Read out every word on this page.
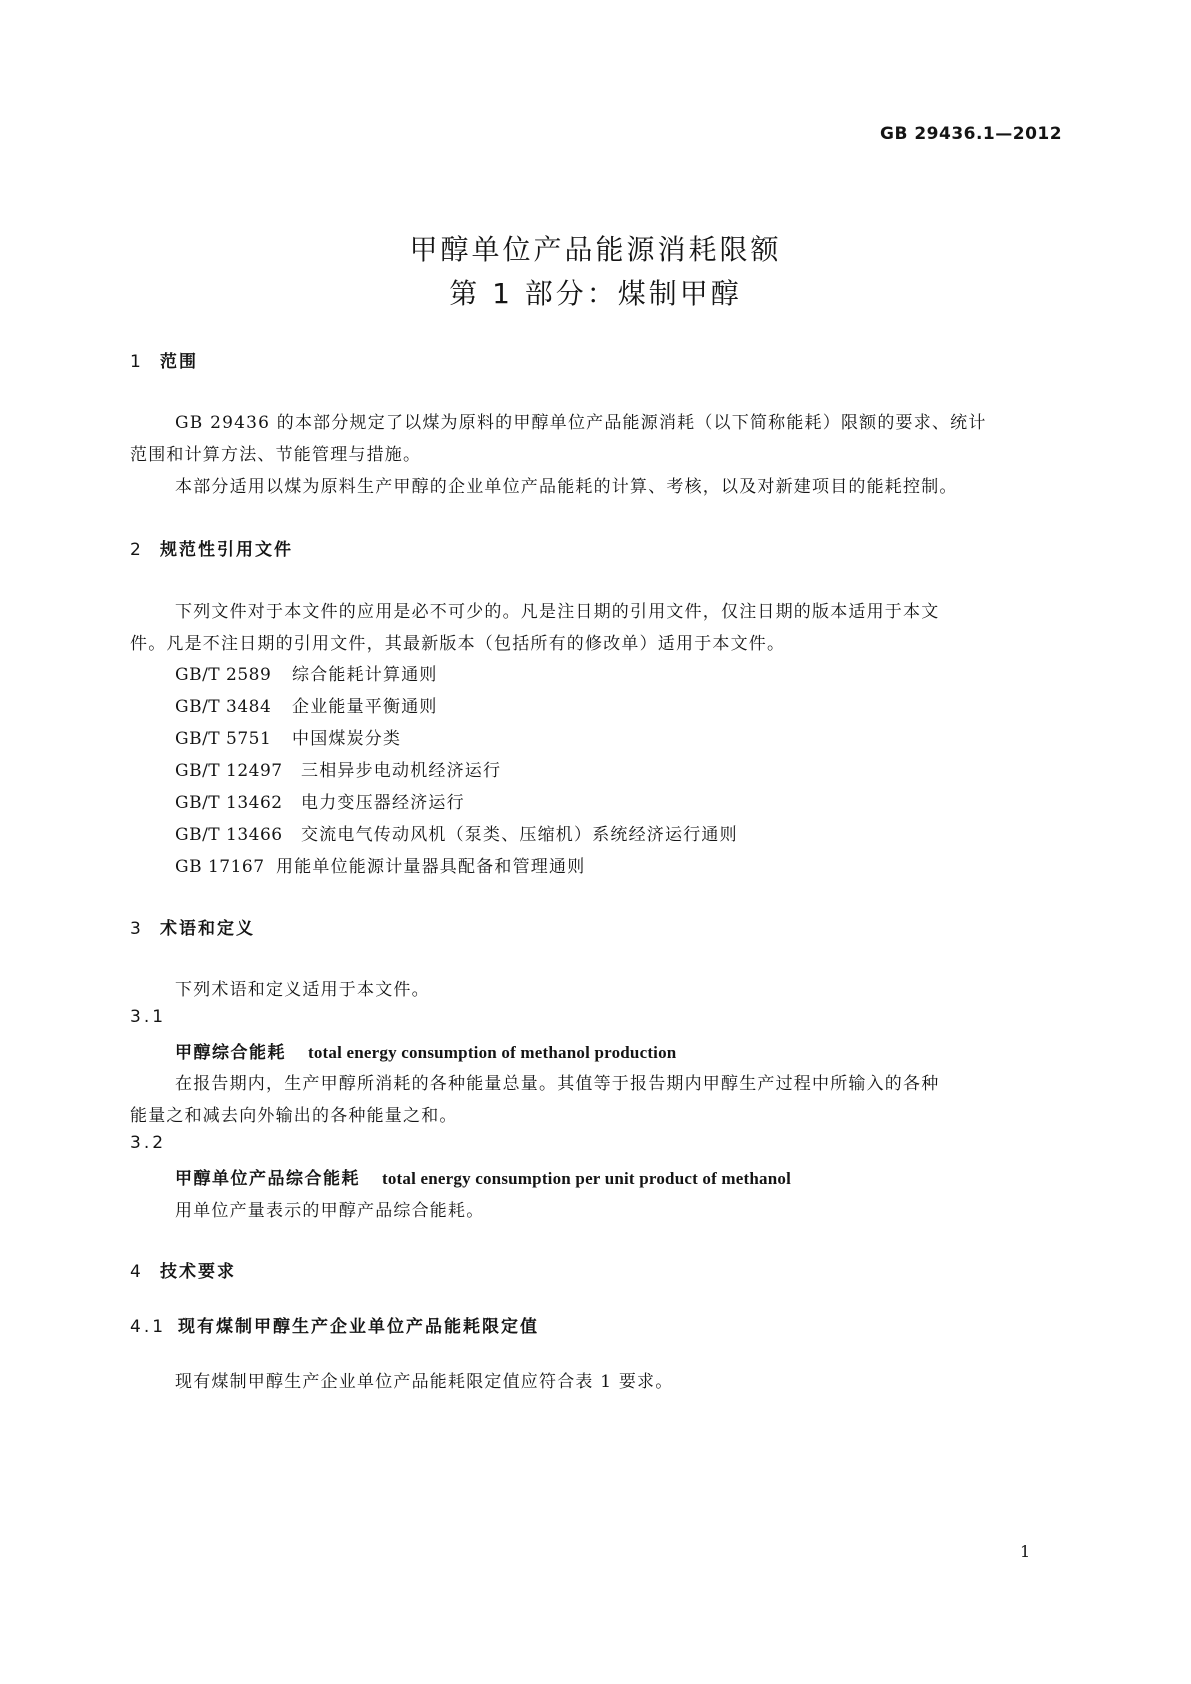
GB 29436.1—2012
甲醇单位产品能源消耗限额
第 1 部分：煤制甲醇
1 范围
GB 29436 的本部分规定了以煤为原料的甲醇单位产品能源消耗（以下简称能耗）限额的要求、统计
范围和计算方法、节能管理与措施。
本部分适用以煤为原料生产甲醇的企业单位产品能耗的计算、考核，以及对新建项目的能耗控制。
2 规范性引用文件
下列文件对于本文件的应用是必不可少的。凡是注日期的引用文件，仅注日期的版本适用于本文
件。凡是不注日期的引用文件，其最新版本（包括所有的修改单）适用于本文件。
GB/T 2589 综合能耗计算通则
GB/T 3484 企业能量平衡通则
GB/T 5751 中国煤炭分类
GB/T 12497 三相异步电动机经济运行
GB/T 13462 电力变压器经济运行
GB/T 13466 交流电气传动风机（泵类、压缩机）系统经济运行通则
GB 17167 用能单位能源计量器具配备和管理通则
3 术语和定义
下列术语和定义适用于本文件。
3.1
甲醇综合能耗 total energy consumption of methanol production
在报告期内，生产甲醇所消耗的各种能量总量。其值等于报告期内甲醇生产过程中所输入的各种
能量之和减去向外输出的各种能量之和。
3.2
甲醇单位产品综合能耗 total energy consumption per unit product of methanol
用单位产量表示的甲醇产品综合能耗。
4 技术要求
4.1 现有煤制甲醇生产企业单位产品能耗限定值
现有煤制甲醇生产企业单位产品能耗限定值应符合表 1 要求。
1
